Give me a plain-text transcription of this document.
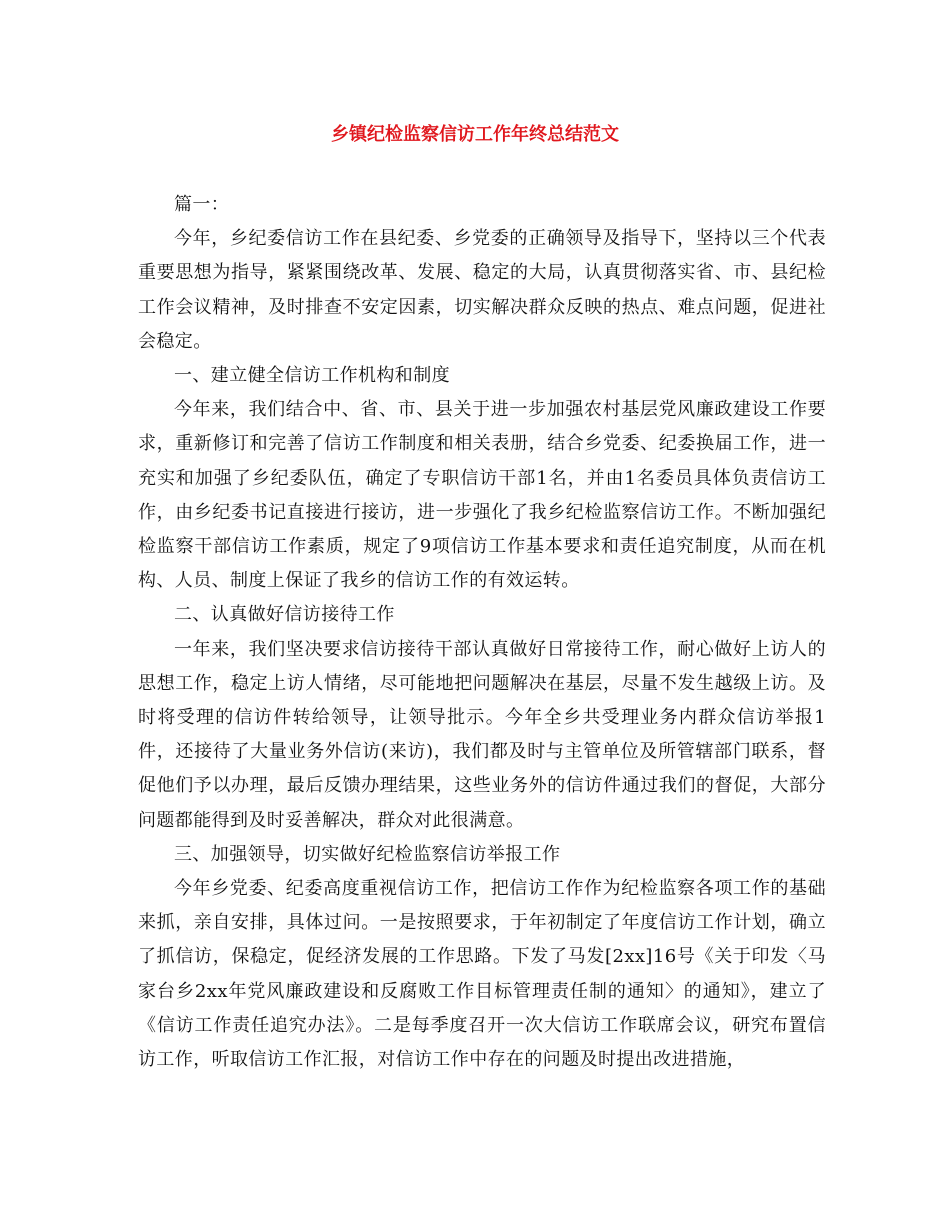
乡镇纪检监察信访工作年终总结范文

篇一：

今年，乡纪委信访工作在县纪委、乡党委的正确领导及指导下，坚持以三个代表重要思想为指导，紧紧围绕改革、发展、稳定的大局，认真贯彻落实省、市、县纪检工作会议精神，及时排查不安定因素，切实解决群众反映的热点、难点问题，促进社会稳定。

一、建立健全信访工作机构和制度

今年来，我们结合中、省、市、县关于进一步加强农村基层党风廉政建设工作要求，重新修订和完善了信访工作制度和相关表册，结合乡党委、纪委换届工作，进一充实和加强了乡纪委队伍，确定了专职信访干部1名，并由1名委员具体负责信访工作，由乡纪委书记直接进行接访，进一步强化了我乡纪检监察信访工作。不断加强纪检监察干部信访工作素质，规定了9项信访工作基本要求和责任追究制度，从而在机构、人员、制度上保证了我乡的信访工作的有效运转。

二、认真做好信访接待工作

一年来，我们坚决要求信访接待干部认真做好日常接待工作，耐心做好上访人的思想工作，稳定上访人情绪，尽可能地把问题解决在基层，尽量不发生越级上访。及时将受理的信访件转给领导，让领导批示。今年全乡共受理业务内群众信访举报1件，还接待了大量业务外信访(来访)，我们都及时与主管单位及所管辖部门联系，督促他们予以办理，最后反馈办理结果，这些业务外的信访件通过我们的督促，大部分问题都能得到及时妥善解决，群众对此很满意。

三、加强领导，切实做好纪检监察信访举报工作

今年乡党委、纪委高度重视信访工作，把信访工作作为纪检监察各项工作的基础来抓，亲自安排，具体过问。一是按照要求，于年初制定了年度信访工作计划，确立了抓信访，保稳定，促经济发展的工作思路。下发了马发[2xx]16号《关于印发〈马家台乡2xx年党风廉政建设和反腐败工作目标管理责任制的通知〉的通知》，建立了《信访工作责任追究办法》。二是每季度召开一次大信访工作联席会议，研究布置信访工作，听取信访工作汇报，对信访工作中存在的问题及时提出改进措施，
